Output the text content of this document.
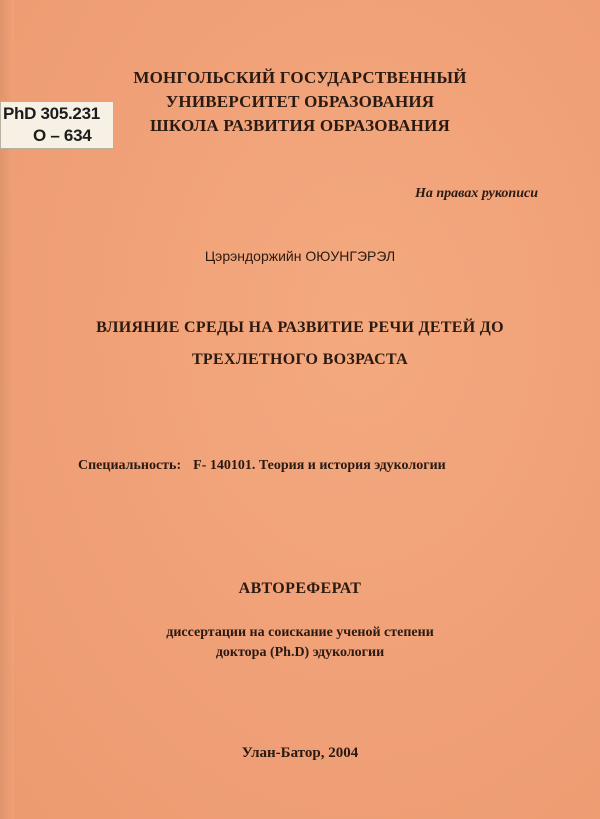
PhD 305.231
O – 634
МОНГОЛЬСКИЙ ГОСУДАРСТВЕННЫЙ
УНИВЕРСИТЕТ ОБРАЗОВАНИЯ
ШКОЛА РАЗВИТИЯ ОБРАЗОВАНИЯ
На правах рукописи
Цэрэндоржийн ОЮУНГЭРЭЛ
ВЛИЯНИЕ СРЕДЫ НА РАЗВИТИЕ РЕЧИ ДЕТЕЙ ДО
ТРЕХЛЕТНОГО ВОЗРАСТА
Специальность: F- 140101. Теория и история эдукологии
АВТОРЕФЕРАТ
диссертации на соискание ученой степени
доктора (Ph.D) эдукологии
Улан-Батор, 2004
